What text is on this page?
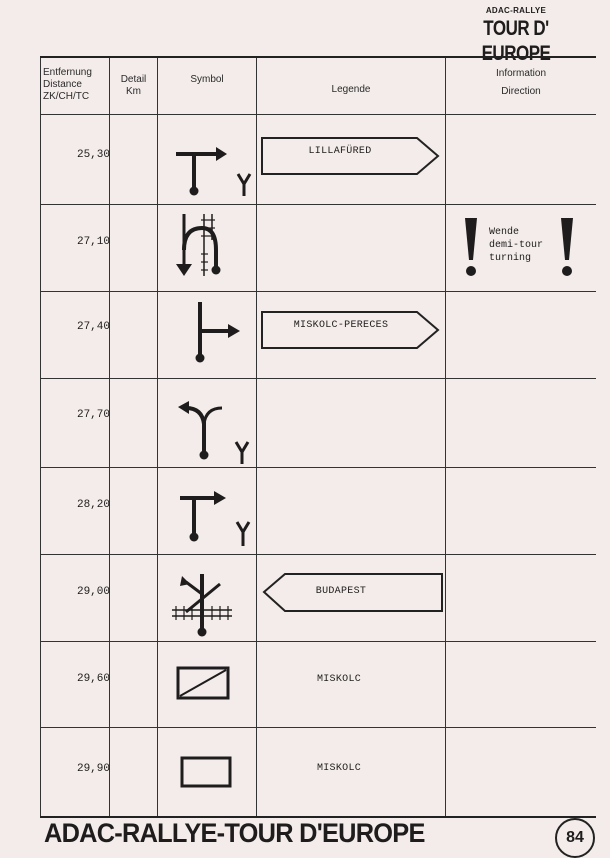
ADAC-RALLYE
TOUR D' EUROPE
Entfernung
Distance
ZK/CH/TC
Detail
Km
Symbol
Legende
Information
Direction
25,30
27,10
27,40
27,70
28,20
29,00
29,60
29,90
LILLAFÜRED
Wende
demi-tour
turning
MISKOLC-PERECES
BUDAPEST
MISKOLC
MISKOLC
ADAC-RALLYE-TOUR D'EUROPE	84
